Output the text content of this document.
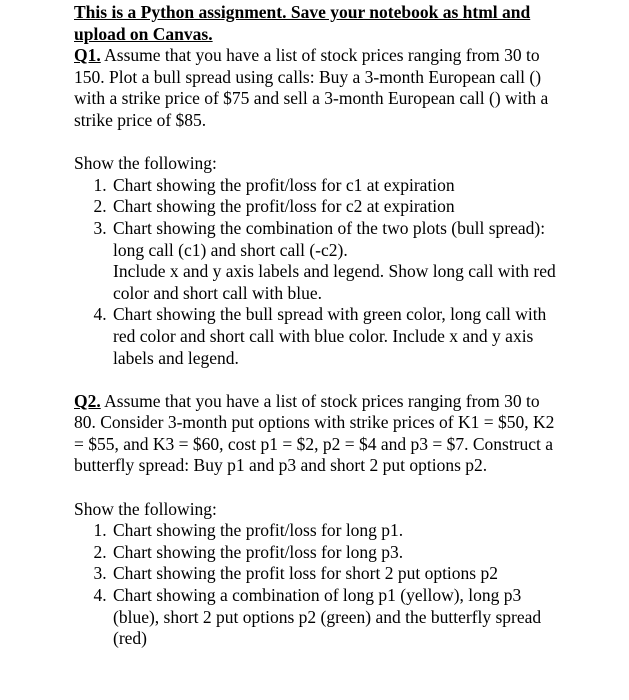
This is a Python assignment. Save your notebook as html and upload on Canvas.

Q1. Assume that you have a list of stock prices ranging from 30 to 150. Plot a bull spread using calls: Buy a 3-month European call () with a strike price of $75 and sell a 3-month European call () with a strike price of $85.

Show the following:

1. Chart showing the profit/loss for c1 at expiration
2. Chart showing the profit/loss for c2 at expiration
3. Chart showing the combination of the two plots (bull spread): long call (c1) and short call (-c2).
Include x and y axis labels and legend. Show long call with red color and short call with blue.
4. Chart showing the bull spread with green color, long call with red color and short call with blue color. Include x and y axis labels and legend.

Q2. Assume that you have a list of stock prices ranging from 30 to 80. Consider 3-month put options with strike prices of K1 = $50, K2 = $55, and K3 = $60, cost p1 = $2, p2 = $4 and p3 = $7. Construct a butterfly spread: Buy p1 and p3 and short 2 put options p2.

Show the following:

1. Chart showing the profit/loss for long p1.
2. Chart showing the profit/loss for long p3.
3. Chart showing the profit loss for short 2 put options p2
4. Chart showing a combination of long p1 (yellow), long p3 (blue), short 2 put options p2 (green) and the butterfly spread (red)
